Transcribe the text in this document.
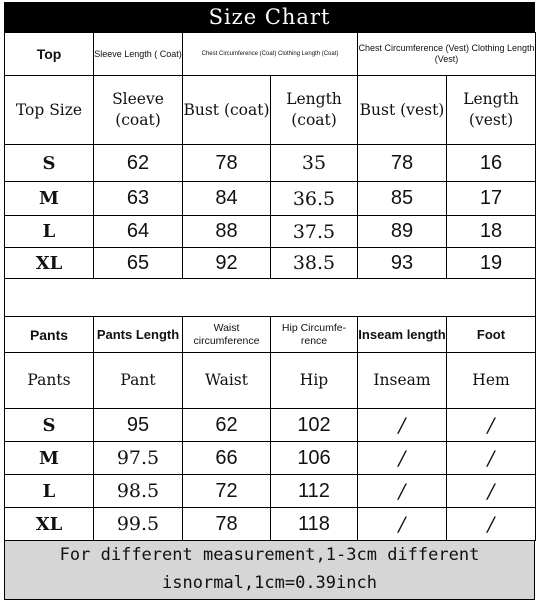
Size Chart
Top	Sleeve Length ( Coat)	Chest Circumference (Coat) Clothing Length (Coat)		Chest Circumference (Vest) Clothing Length (Vest)	
Top Size	Sleeve (coat)	Bust (coat)	Length (coat)	Bust (vest)	Length (vest)
S	62	78	35	78	16
M	63	84	36.5	85	17
L	64	88	37.5	89	18
XL	65	92	38.5	93	19

Pants	Pants Length	Waist circumference	Hip Circumfe-rence	Inseam length	Foot
Pants	Pant	Waist	Hip	Inseam	Hem
S	95	62	102	/	/
M	97.5	66	106	/	/
L	98.5	72	112	/	/
XL	99.5	78	118	/	/
For different measurement,1-3cm different
isnormal,1cm=0.39inch
